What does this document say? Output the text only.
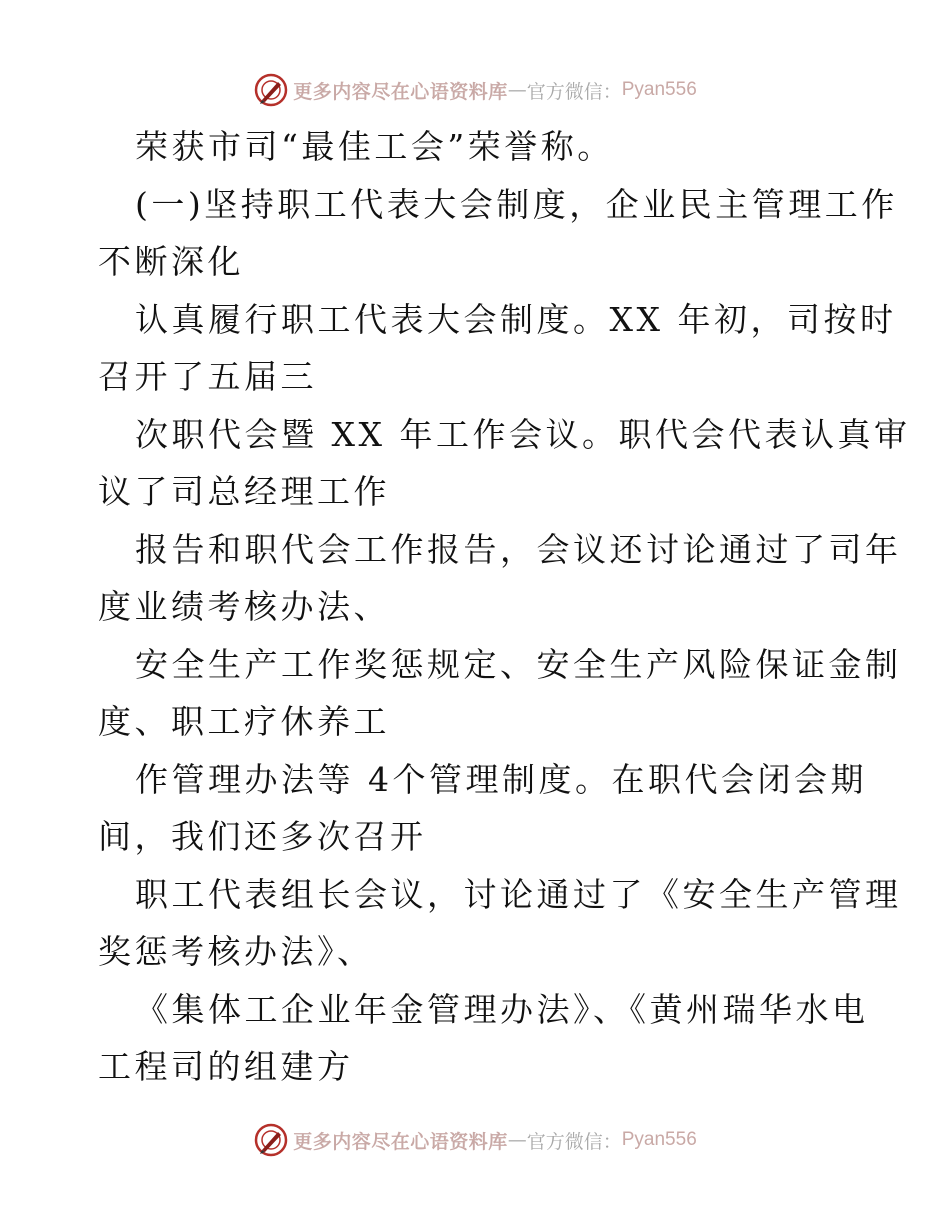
更多内容尽在心语资料库 — 官方微信： Pyan556
荣获市司“最佳工会”荣誉称。
(一)坚持职工代表大会制度，企业民主管理工作
不断深化
认真履行职工代表大会制度。XX 年初，司按时
召开了五届三
次职代会暨 XX 年工作会议。职代会代表认真审
议了司总经理工作
报告和职代会工作报告，会议还讨论通过了司年
度业绩考核办法、
安全生产工作奖惩规定、安全生产风险保证金制
度、职工疗休养工
作管理办法等 4个管理制度。在职代会闭会期
间，我们还多次召开
职工代表组长会议，讨论通过了《安全生产管理
奖惩考核办法》、
《集体工企业年金管理办法》、《黄州瑞华水电
工程司的组建方
更多内容尽在心语资料库 — 官方微信： Pyan556
